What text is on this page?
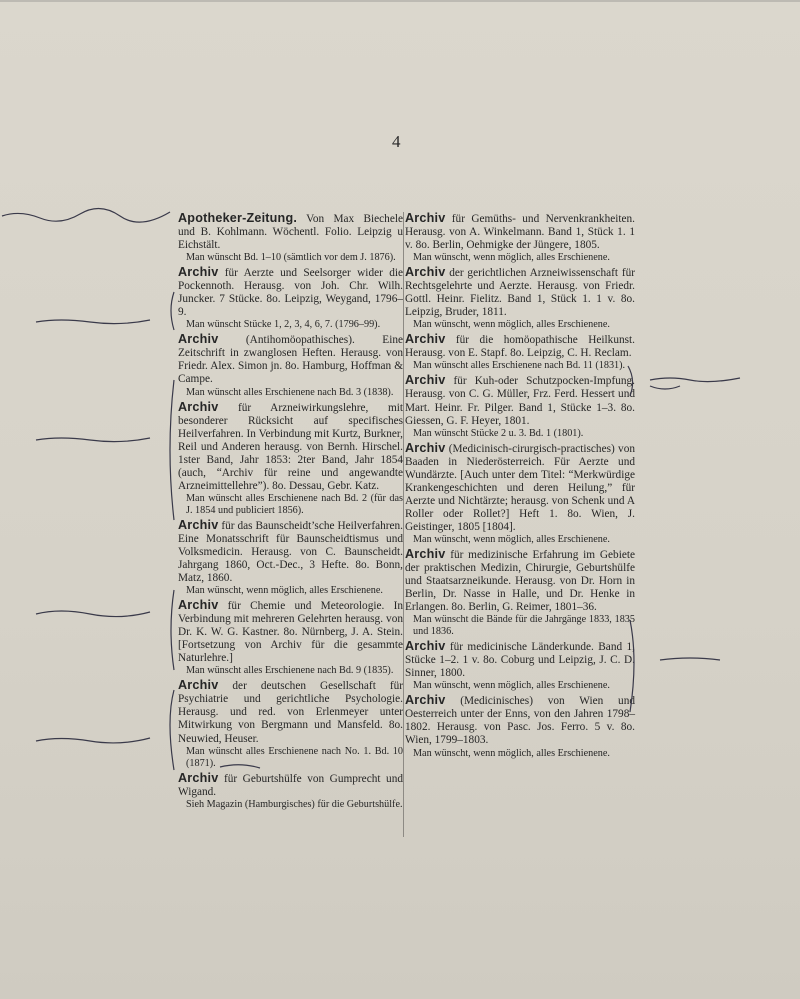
4
Apotheker-Zeitung. Von Max Biechele und B. Kohlmann. Wöchentl. Folio. Leipzig u Eichstält.
Man wünscht Bd. 1–10 (sämtlich vor dem J. 1876).
Archiv für Aerzte und Seelsorger wider die Pockennoth. Herausg. von Joh. Chr. Wilh. Juncker. 7 Stücke. 8o. Leipzig, Weygand, 1796–9.
Man wünscht Stücke 1, 2, 3, 4, 6, 7. (1796–99).
Archiv (Antihomöopathisches). Eine Zeitschrift in zwanglosen Heften. Herausg. von Friedr. Alex. Simon jn. 8o. Hamburg, Hoffman & Campe.
Man wünscht alles Erschienene nach Bd. 3 (1838).
Archiv für Arzneiwirkungslehre, mit besonderer Rücksicht auf specifisches Heilverfahren. In Verbindung mit Kurtz, Burkner, Reil und Anderen herausg. von Bernh. Hirschel. 1ster Band, Jahr 1853: 2ter Band, Jahr 1854 (auch, “Archiv für reine und angewandte Arzneimittellehre”). 8o. Dessau, Gebr. Katz.
Man wünscht alles Erschienene nach Bd. 2 (für das J. 1854 und publiciert 1856).
Archiv für das Baunscheidt’sche Heilverfahren. Eine Monatsschrift für Baunscheidtismus und Volksmedicin. Herausg. von C. Baunscheidt. Jahrgang 1860, Oct.-Dec., 3 Hefte. 8o. Bonn, Matz, 1860.
Man wünscht, wenn möglich, alles Erschienene.
Archiv für Chemie und Meteorologie. In Verbindung mit mehreren Gelehrten herausg. von Dr. K. W. G. Kastner. 8o. Nürnberg, J. A. Stein. [Fortsetzung von Archiv für die gesammte Naturlehre.]
Man wünscht alles Erschienene nach Bd. 9 (1835).
Archiv der deutschen Gesellschaft für Psychiatrie und gerichtliche Psychologie. Herausg. und red. von Erlenmeyer unter Mitwirkung von Bergmann und Mansfeld. 8o. Neuwied, Heuser.
Man wünscht alles Erschienene nach No. 1. Bd. 10 (1871).
Archiv für Geburtshülfe von Gumprecht und Wigand.
Sieh Magazin (Hamburgisches) für die Geburtshülfe.
Archiv für Gemüths- und Nervenkrankheiten. Herausg. von A. Winkelmann. Band 1, Stück 1. 1 v. 8o. Berlin, Oehmigke der Jüngere, 1805.
Man wünscht, wenn möglich, alles Erschienene.
Archiv der gerichtlichen Arzneiwissenschaft für Rechtsgelehrte und Aerzte. Herausg. von Friedr. Gottl. Heinr. Fielitz. Band 1, Stück 1. 1 v. 8o. Leipzig, Bruder, 1811.
Man wünscht, wenn möglich, alles Erschienene.
Archiv für die homöopathische Heilkunst. Herausg. von E. Stapf. 8o. Leipzig, C. H. Reclam.
Man wünscht alles Erschienene nach Bd. 11 (1831).
Archiv für Kuh-oder Schutzpocken-Impfung. Herausg. von C. G. Müller, Frz. Ferd. Hessert und Mart. Heinr. Fr. Pilger. Band 1, Stücke 1–3. 8o. Giessen, G. F. Heyer, 1801.
Man wünscht Stücke 2 u. 3. Bd. 1 (1801).
Archiv (Medicinisch-cirurgisch-practisches) von Baaden in Niederösterreich. Für Aerzte und Wundärzte. [Auch unter dem Titel: “Merkwürdige Krankengeschichten und deren Heilung,” für Aerzte und Nichtärzte; herausg. von Schenk und A Roller oder Rollet?] Heft 1. 8o. Wien, J. Geistinger, 1805 [1804].
Man wünscht, wenn möglich, alles Erschienene.
Archiv für medizinische Erfahrung im Gebiete der praktischen Medizin, Chirurgie, Geburtshülfe und Staatsarzneikunde. Herausg. von Dr. Horn in Berlin, Dr. Nasse in Halle, und Dr. Henke in Erlangen. 8o. Berlin, G. Reimer, 1801–36.
Man wünscht die Bände für die Jahrgänge 1833, 1835 und 1836.
Archiv für medicinische Länderkunde. Band 1, Stücke 1–2. 1 v. 8o. Coburg und Leipzig, J. C. D. Sinner, 1800.
Man wünscht, wenn möglich, alles Erschienene.
Archiv (Medicinisches) von Wien und Oesterreich unter der Enns, von den Jahren 1798–1802. Herausg. von Pasc. Jos. Ferro. 5 v. 8o. Wien, 1799–1803.
Man wünscht, wenn möglich, alles Erschienene.
